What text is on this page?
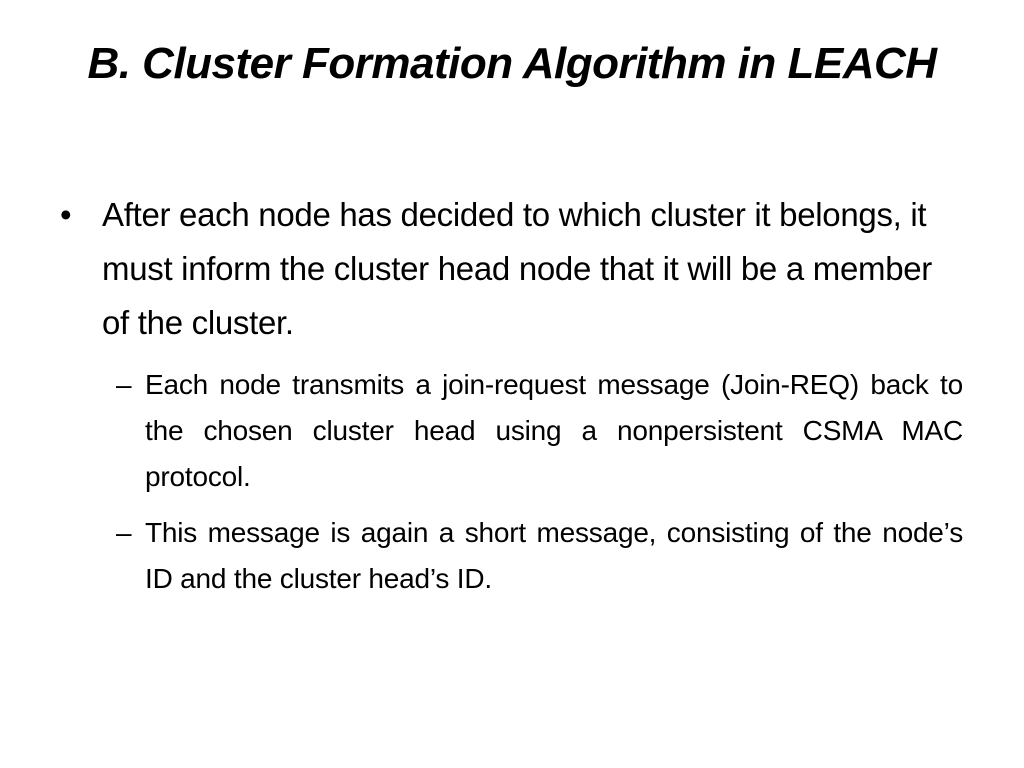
B. Cluster Formation Algorithm in LEACH
• After each node has decided to which cluster it belongs, it must inform the cluster head node that it will be a member of the cluster.
– Each node transmits a join-request message (Join-REQ) back to the chosen cluster head using a nonpersistent CSMA MAC protocol.
– This message is again a short message, consisting of the node’s ID and the cluster head’s ID.
